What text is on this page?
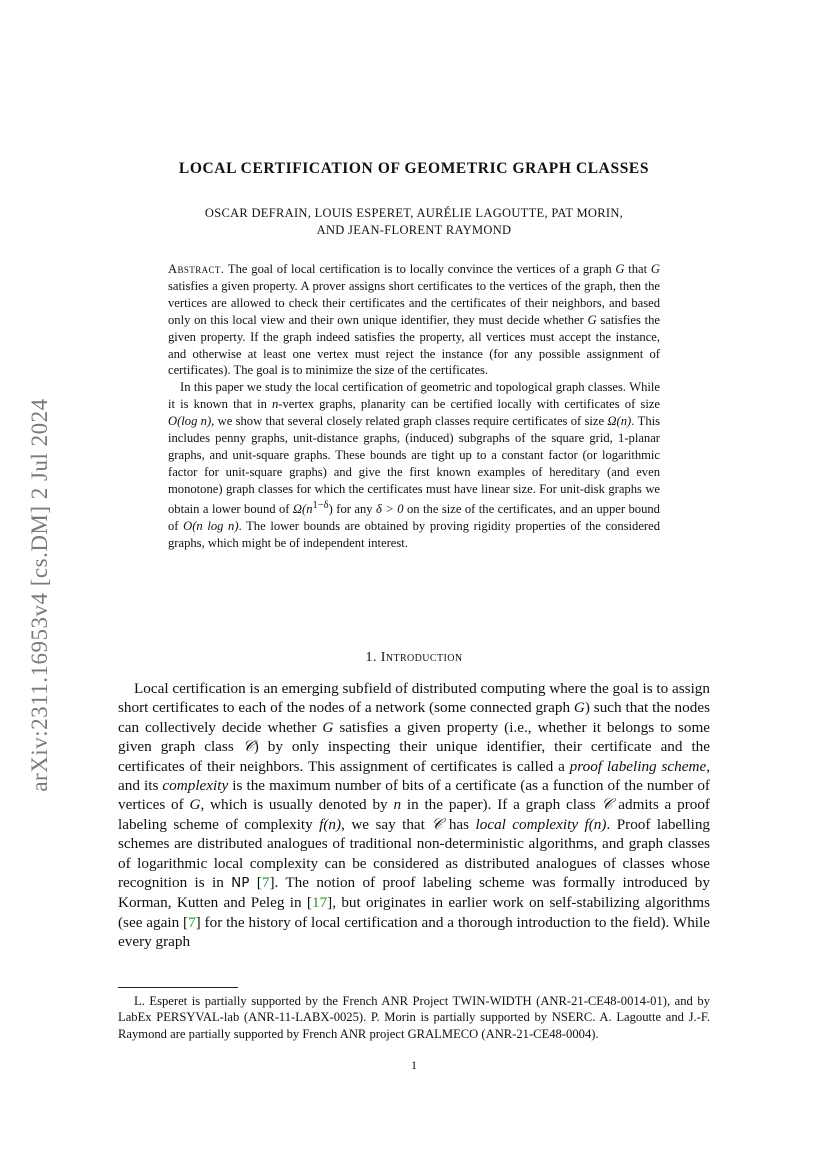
arXiv:2311.16953v4 [cs.DM] 2 Jul 2024
LOCAL CERTIFICATION OF GEOMETRIC GRAPH CLASSES
OSCAR DEFRAIN, LOUIS ESPERET, AURÉLIE LAGOUTTE, PAT MORIN,
AND JEAN-FLORENT RAYMOND

Abstract. The goal of local certification is to locally convince the vertices of a graph G that G satisfies a given property. A prover assigns short certificates to the vertices of the graph, then the vertices are allowed to check their certificates and the certificates of their neighbors, and based only on this local view and their own unique identifier, they must decide whether G satisfies the given property. If the graph indeed satisfies the property, all vertices must accept the instance, and otherwise at least one vertex must reject the instance (for any possible assignment of certificates). The goal is to minimize the size of the certificates.

In this paper we study the local certification of geometric and topological graph classes. While it is known that in n-vertex graphs, planarity can be certified locally with certificates of size O(log n), we show that several closely related graph classes require certificates of size Ω(n). This includes penny graphs, unit-distance graphs, (induced) subgraphs of the square grid, 1-planar graphs, and unit-square graphs. These bounds are tight up to a constant factor (or logarithmic factor for unit-square graphs) and give the first known examples of hereditary (and even monotone) graph classes for which the certificates must have linear size. For unit-disk graphs we obtain a lower bound of $\Omega(n^{1-\delta})$ for any δ > 0 on the size of the certificates, and an upper bound of O(n log n). The lower bounds are obtained by proving rigidity properties of the considered graphs, which might be of independent interest.

1. Introduction

Local certification is an emerging subfield of distributed computing where the goal is to assign short certificates to each of the nodes of a network (some connected graph G) such that the nodes can collectively decide whether G satisfies a given property (i.e., whether it belongs to some given graph class 𝒞) by only inspecting their unique identifier, their certificate and the certificates of their neighbors. This assignment of certificates is called a proof labeling scheme, and its complexity is the maximum number of bits of a certificate (as a function of the number of vertices of G, which is usually denoted by n in the paper). If a graph class 𝒞 admits a proof labeling scheme of complexity f(n), we say that 𝒞 has local complexity f(n). Proof labelling schemes are distributed analogues of traditional non-deterministic algorithms, and graph classes of logarithmic local complexity can be considered as distributed analogues of classes whose recognition is in NP [7]. The notion of proof labeling scheme was formally introduced by Korman, Kutten and Peleg in [17], but originates in earlier work on self-stabilizing algorithms (see again [7] for the history of local certification and a thorough introduction to the field). While every graph

L. Esperet is partially supported by the French ANR Project TWIN-WIDTH (ANR-21-CE48-0014-01), and by LabEx PERSYVAL-lab (ANR-11-LABX-0025). P. Morin is partially supported by NSERC. A. Lagoutte and J.-F. Raymond are partially supported by French ANR project GRALMECO (ANR-21-CE48-0004).

1
